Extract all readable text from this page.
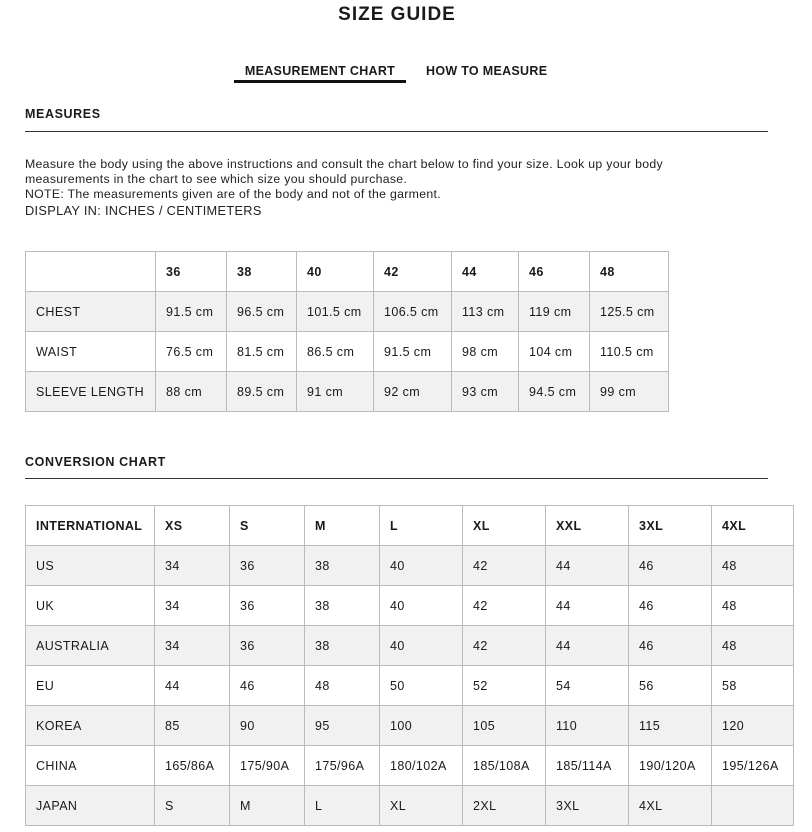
SIZE GUIDE
MEASUREMENT CHART	HOW TO MEASURE
MEASURES

Measure the body using the above instructions and consult the chart below to find your size. Look up your body measurements in the chart to see which size you should purchase.

NOTE: The measurements given are of the body and not of the garment.

DISPLAY IN: INCHES / CENTIMETERS

	36	38	40	42	44	46	48
CHEST	91.5 cm	96.5 cm	101.5 cm	106.5 cm	113 cm	119 cm	125.5 cm
WAIST	76.5 cm	81.5 cm	86.5 cm	91.5 cm	98 cm	104 cm	110.5 cm
SLEEVE LENGTH	88 cm	89.5 cm	91 cm	92 cm	93 cm	94.5 cm	99 cm
CONVERSION CHART
INTERNATIONAL	XS	S	M	L	XL	XXL	3XL	4XL
US	34	36	38	40	42	44	46	48
UK	34	36	38	40	42	44	46	48
AUSTRALIA	34	36	38	40	42	44	46	48
EU	44	46	48	50	52	54	56	58
KOREA	85	90	95	100	105	110	115	120
CHINA	165/86A	175/90A	175/96A	180/102A	185/108A	185/114A	190/120A	195/126A
JAPAN	S	M	L	XL	2XL	3XL	4XL	
